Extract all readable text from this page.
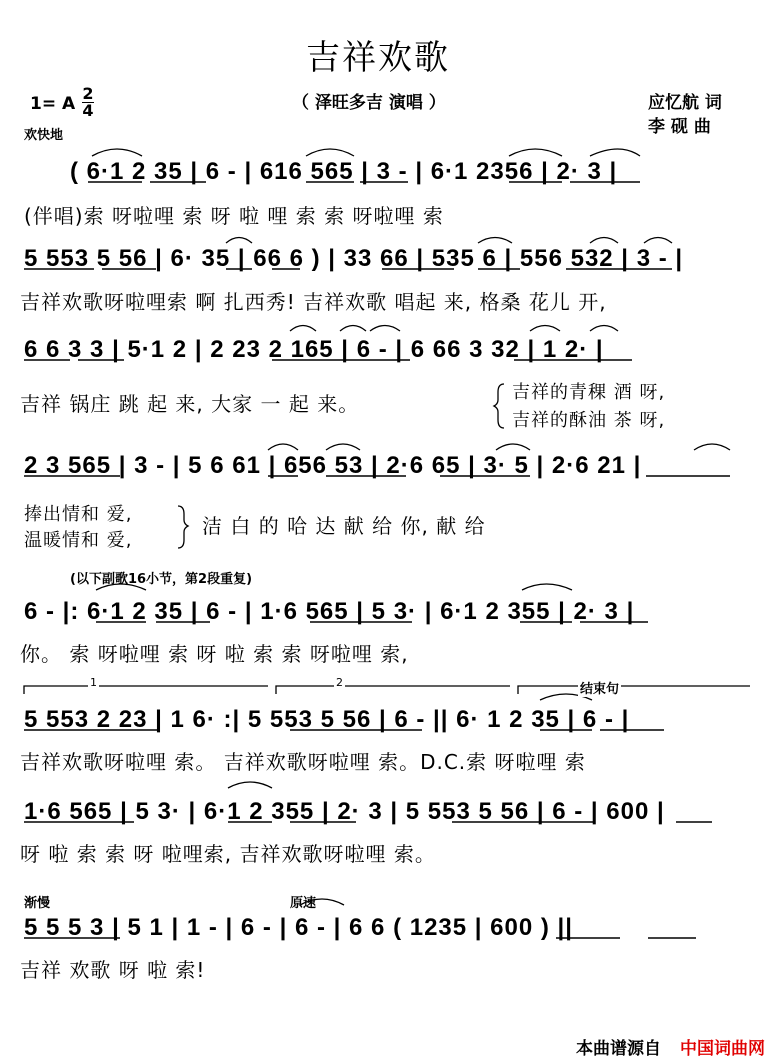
吉祥欢歌
（ 泽旺多吉 演唱 ）
1= A
2
4
欢快地
应忆航 词
李 砚 曲
( 6·1 2 35 | 6 - | 616 565 | 3 - | 6·1 2356 | 2· 3 |
(伴唱)索 呀啦哩 索 呀 啦 哩 索 索 呀啦哩 索
5 553 5 56 | 6· 35 | 66 6 ) | 33 66 | 535 6 | 556 532 | 3 - |
吉祥欢歌呀啦哩索 啊 扎西秀! 吉祥欢歌 唱起 来, 格桑 花儿 开,
6 6 3 3 | 5·1 2 | 2 23 2 165 | 6 - | 6 66 3 32 | 1 2· |
吉祥 锅庄 跳 起 来, 大家 一 起 来。	吉祥的青稞 酒 呀,
吉祥的酥油 茶 呀,
2 3 565 | 3 - | 5 6 61 | 656 53 | 2·6 65 | 3· 5 | 2·6 21 |
捧出情和 爱,
温暖情和 爱,
洁 白 的 哈 达 献 给 你, 献 给
(以下副歌16小节，第2段重复)
6 - |: 6·1 2 35 | 6 - | 1·6 565 | 5 3· | 6·1 2 355 | 2· 3 |
你。 索 呀啦哩 索 呀 啦 索 索 呀啦哩 索,
1	2	结束句
5 553 2 23 | 1 6· :| 5 553 5 56 | 6 - || 6· 1 2 35 | 6 - |
吉祥欢歌呀啦哩 索。 吉祥欢歌呀啦哩 索。D.C.索 呀啦哩 索
1·6 565 | 5 3· | 6·1 2 355 | 2· 3 | 5 553 5 56 | 6 - | 600 |
呀 啦 索 索 呀 啦哩索, 吉祥欢歌呀啦哩 索。
渐慢	原速
5 5 5 3 | 5 1 | 1 - | 6 - | 6 - | 6 6 ( 1235 | 600 ) ||
吉祥 欢歌 呀 啦 索!
本曲谱源自 中国词曲网
